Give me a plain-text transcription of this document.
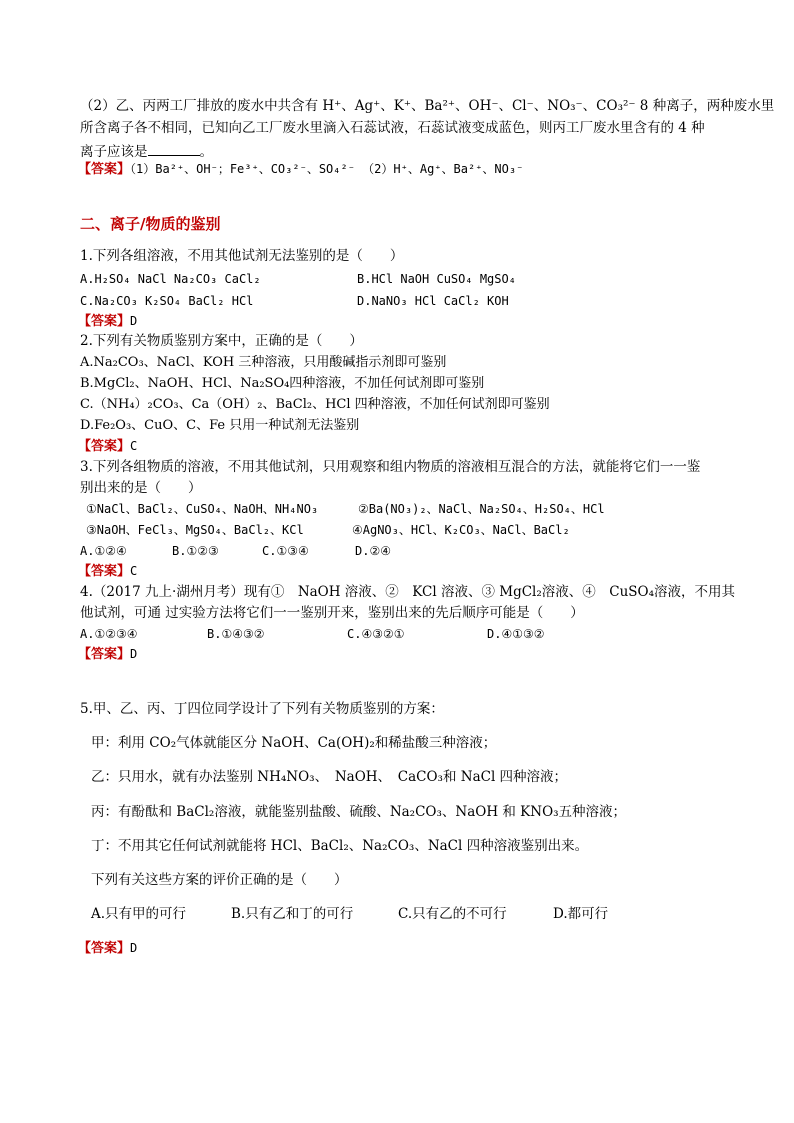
（2）乙、丙两工厂排放的废水中共含有 H⁺、Ag⁺、K⁺、Ba²⁺、OH⁻、Cl⁻、NO₃⁻、CO₃²⁻ 8 种离子，两种废水里
所含离子各不相同，已知向乙工厂废水里滴入石蕊试液，石蕊试液变成蓝色，则丙工厂废水里含有的 4 种
离子应该是	。
【答案】（1）Ba²⁺、OH⁻；Fe³⁺、CO₃²⁻、SO₄²⁻ （2）H⁺、Ag⁺、Ba²⁺、NO₃⁻
二、离子/物质的鉴别
1.下列各组溶液，不用其他试剂无法鉴别的是（　　）
A.H₂SO₄ NaCl Na₂CO₃ CaCl₂	B.HCl NaOH CuSO₄ MgSO₄
C.Na₂CO₃ K₂SO₄ BaCl₂ HCl	D.NaNO₃ HCl CaCl₂ KOH
【答案】D
2.下列有关物质鉴别方案中，正确的是（　　）
A.Na₂CO₃、NaCl、KOH 三种溶液，只用酸碱指示剂即可鉴别
B.MgCl₂、NaOH、HCl、Na₂SO₄四种溶液，不加任何试剂即可鉴别
C.（NH₄）₂CO₃、Ca（OH）₂、BaCl₂、HCl 四种溶液，不加任何试剂即可鉴别
D.Fe₂O₃、CuO、C、Fe 只用一种试剂无法鉴别
【答案】C
3.下列各组物质的溶液，不用其他试剂，只用观察和组内物质的溶液相互混合的方法，就能将它们一一鉴
别出来的是（　　）
①NaCl、BaCl₂、CuSO₄、NaOH、NH₄NO₃	②Ba(NO₃)₂、NaCl、Na₂SO₄、H₂SO₄、HCl
③NaOH、FeCl₃、MgSO₄、BaCl₂、KCl	④AgNO₃、HCl、K₂CO₃、NaCl、BaCl₂
A.①②④	B.①②③	C.①③④	D.②④
【答案】C
4.（2017 九上·湖州月考）现有①　NaOH 溶液、②　KCl 溶液、③ MgCl₂溶液、④　CuSO₄溶液，不用其
他试剂，可通 过实验方法将它们一一鉴别开来，鉴别出来的先后顺序可能是（　　）
A.①②③④	B.①④③②	C.④③②①	D.④①③②
【答案】D
5.甲、乙、丙、丁四位同学设计了下列有关物质鉴别的方案：
甲：利用 CO₂气体就能区分 NaOH、Ca(OH)₂和稀盐酸三种溶液；
乙：只用水，就有办法鉴别 NH₄NO₃、　NaOH、　CaCO₃和 NaCl 四种溶液；
丙：有酚酞和 BaCl₂溶液，就能鉴别盐酸、硫酸、Na₂CO₃、NaOH 和 KNO₃五种溶液；
丁：不用其它任何试剂就能将 HCl、BaCl₂、Na₂CO₃、NaCl 四种溶液鉴别出来。
下列有关这些方案的评价正确的是（　　）
A.只有甲的可行	B.只有乙和丁的可行	C.只有乙的不可行	D.都可行
【答案】D
